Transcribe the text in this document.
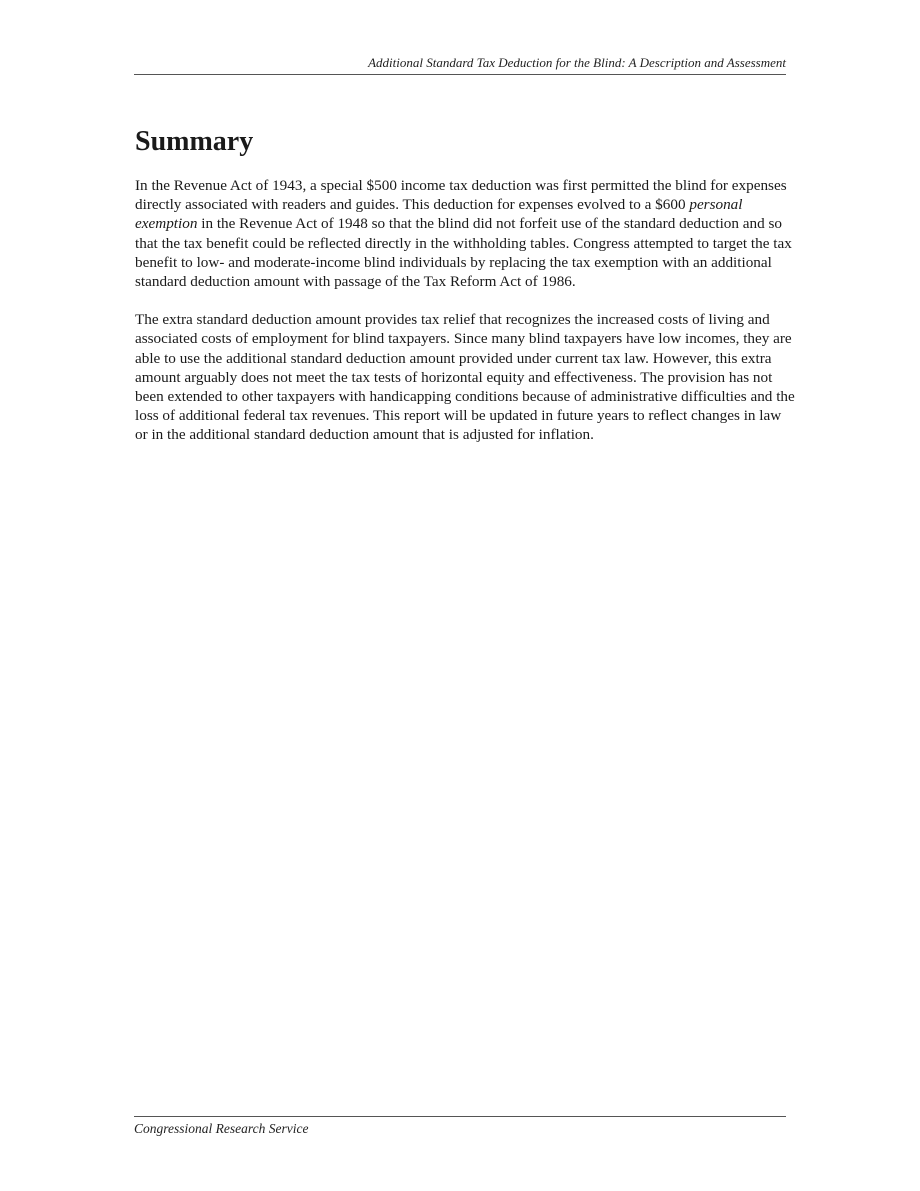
Additional Standard Tax Deduction for the Blind: A Description and Assessment
Summary

In the Revenue Act of 1943, a special $500 income tax deduction was first permitted the blind for expenses directly associated with readers and guides. This deduction for expenses evolved to a $600 personal exemption in the Revenue Act of 1948 so that the blind did not forfeit use of the standard deduction and so that the tax benefit could be reflected directly in the withholding tables. Congress attempted to target the tax benefit to low- and moderate-income blind individuals by replacing the tax exemption with an additional standard deduction amount with passage of the Tax Reform Act of 1986.

The extra standard deduction amount provides tax relief that recognizes the increased costs of living and associated costs of employment for blind taxpayers. Since many blind taxpayers have low incomes, they are able to use the additional standard deduction amount provided under current tax law. However, this extra amount arguably does not meet the tax tests of horizontal equity and effectiveness. The provision has not been extended to other taxpayers with handicapping conditions because of administrative difficulties and the loss of additional federal tax revenues. This report will be updated in future years to reflect changes in law or in the additional standard deduction amount that is adjusted for inflation.

Congressional Research Service
